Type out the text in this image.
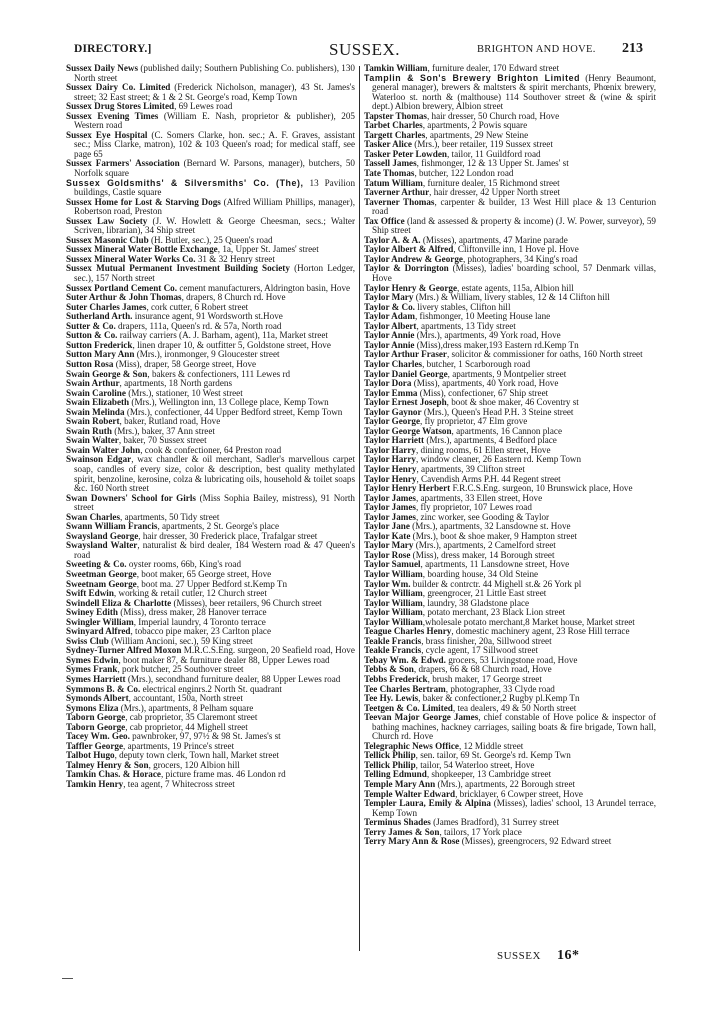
DIRECTORY.]	SUSSEX.	BRIGHTON AND HOVE. 213

Sussex Daily News (published daily; Southern Publishing Co. publishers), 130 North street

Sussex Dairy Co. Limited (Frederick Nicholson, manager), 43 St. James's street; 32 East street; & 1 & 2 St. George's road, Kemp Town

Sussex Drug Stores Limited, 69 Lewes road

Sussex Evening Times (William E. Nash, proprietor & publisher), 205 Western road

Sussex Eye Hospital (C. Somers Clarke, hon. sec.; A. F. Graves, assistant sec.; Miss Clarke, matron), 102 & 103 Queen's road; for medical staff, see page 65

Sussex Farmers' Association (Bernard W. Parsons, manager), butchers, 50 Norfolk square

Sussex Goldsmiths' & Silversmiths' Co. (The), 13 Pavilion buildings, Castle square

Sussex Home for Lost & Starving Dogs (Alfred William Phillips, manager), Robertson road, Preston

Sussex Law Society (J. W. Howlett & George Cheesman, secs.; Walter Scriven, librarian), 34 Ship street

Sussex Masonic Club (H. Butler, sec.), 25 Queen's road

Sussex Mineral Water Bottle Exchange, 1a, Upper St. James' street

Sussex Mineral Water Works Co. 31 & 32 Henry street

Sussex Mutual Permanent Investment Building Society (Horton Ledger, sec.), 157 North street

Sussex Portland Cement Co. cement manufacturers, Aldrington basin, Hove

Suter Arthur & John Thomas, drapers, 8 Church rd. Hove

Suter Charles James, cork cutter, 6 Robert street

Sutherland Arth. insurance agent, 91 Wordsworth st.Hove

Sutter & Co. drapers, 111a, Queen's rd. & 57a, North road

Sutton & Co. railway carriers (A. J. Barham, agent), 11a, Market street

Sutton Frederick, linen draper 10, & outfitter 5, Goldstone street, Hove

Sutton Mary Ann (Mrs.), ironmonger, 9 Gloucester street

Sutton Rosa (Miss), draper, 58 George street, Hove

Swain George & Son, bakers & confectioners, 111 Lewes rd

Swain Arthur, apartments, 18 North gardens

Swain Caroline (Mrs.), stationer, 10 West street

Swain Elizabeth (Mrs.), Wellington inn, 13 College place, Kemp Town

Swain Melinda (Mrs.), confectioner, 44 Upper Bedford street, Kemp Town

Swain Robert, baker, Rutland road, Hove

Swain Ruth (Mrs.), baker, 37 Ann street

Swain Walter, baker, 70 Sussex street

Swain Walter John, cook & confectioner, 64 Preston road

Swainson Edgar, wax chandler & oil merchant, Sadler's marvellous carpet soap, candles of every size, color & description, best quality methylated spirit, benzoline, kerosine, colza & lubricating oils, household & toilet soaps &c. 160 North street

Swan Downers' School for Girls (Miss Sophia Bailey, mistress), 91 North street

Swan Charles, apartments, 50 Tidy street

Swann William Francis, apartments, 2 St. George's place

Swaysland George, hair dresser, 30 Frederick place, Trafalgar street

Swaysland Walter, naturalist & bird dealer, 184 Western road & 47 Queen's road

Sweeting & Co. oyster rooms, 66b, King's road

Sweetman George, boot maker, 65 George street, Hove

Sweetnam George, boot ma. 27 Upper Bedford st.Kemp Tn

Swift Edwin, working & retail cutler, 12 Church street

Swindell Eliza & Charlotte (Misses), beer retailers, 96 Church street

Swiney Edith (Miss), dress maker, 28 Hanover terrace

Swingler William, Imperial laundry, 4 Toronto terrace

Swinyard Alfred, tobacco pipe maker, 23 Carlton place

Swiss Club (William Ancioni, sec.), 59 King street

Sydney-Turner Alfred Moxon M.R.C.S.Eng. surgeon, 20 Seafield road, Hove

Symes Edwin, boot maker 87, & furniture dealer 88, Upper Lewes road

Symes Frank, pork butcher, 25 Southover street

Symes Harriett (Mrs.), secondhand furniture dealer, 88 Upper Lewes road

Symmons B. & Co. electrical enginrs.2 North St. quadrant

Symonds Albert, accountant, 150a, North street

Symons Eliza (Mrs.), apartments, 8 Pelham square

Taborn George, cab proprietor, 35 Claremont street

Taborn George, cab proprietor, 44 Mighell street

Tacey Wm. Geo. pawnbroker, 97, 97½ & 98 St. James's st

Taffler George, apartments, 19 Prince's street

Talbot Hugo, deputy town clerk, Town hall, Market street

Talmey Henry & Son, grocers, 120 Albion hill

Tamkin Chas. & Horace, picture frame mas. 46 London rd

Tamkin Henry, tea agent, 7 Whitecross street

Tamkin William, furniture dealer, 170 Edward street

Tamplin & Son's Brewery Brighton Limited (Henry Beaumont, general manager), brewers & maltsters & spirit merchants, Phœnix brewery, Waterloo st. north & (malthouse) 114 Southover street & (wine & spirit dept.) Albion brewery, Albion street

Tapster Thomas, hair dresser, 50 Church road, Hove

Tarbet Charles, apartments, 2 Powis square

Targett Charles, apartments, 29 New Steine

Tasker Alice (Mrs.), beer retailer, 119 Sussex street

Tasker Peter Lowden, tailor, 11 Guildford road

Tassell James, fishmonger, 12 & 13 Upper St. James' st

Tate Thomas, butcher, 122 London road

Tatum William, furniture dealer, 15 Richmond street

Taverner Arthur, hair dresser, 42 Upper North street

Taverner Thomas, carpenter & builder, 13 West Hill place & 13 Centurion road

Tax Office (land & assessed & property & income) (J. W. Power, surveyor), 59 Ship street

Taylor A. & A. (Misses), apartments, 47 Marine parade

Taylor Albert & Alfred, Cliftonville inn, 1 Hove pl. Hove

Taylor Andrew & George, photographers, 34 King's road

Taylor & Dorrington (Misses), ladies' boarding school, 57 Denmark villas, Hove

Taylor Henry & George, estate agents, 115a, Albion hill

Taylor Mary (Mrs.) & William, livery stables, 12 & 14 Clifton hill

Taylor & Co. livery stables, Clifton hill

Taylor Adam, fishmonger, 10 Meeting House lane

Taylor Albert, apartments, 13 Tidy street

Taylor Annie (Mrs.), apartments, 49 York road, Hove

Taylor Annie (Miss),dress maker,193 Eastern rd.Kemp Tn

Taylor Arthur Fraser, solicitor & commissioner for oaths, 160 North street

Taylor Charles, butcher, 1 Scarborough road

Taylor Daniel George, apartments, 9 Montpelier street

Taylor Dora (Miss), apartments, 40 York road, Hove

Taylor Emma (Miss), confectioner, 67 Ship street

Taylor Ernest Joseph, boot & shoe maker, 46 Coventry st

Taylor Gaynor (Mrs.), Queen's Head P.H. 3 Steine street

Taylor George, fly proprietor, 47 Elm grove

Taylor George Watson, apartments, 16 Cannon place

Taylor Harriett (Mrs.), apartments, 4 Bedford place

Taylor Harry, dining rooms, 61 Ellen street, Hove

Taylor Harry, window cleaner, 26 Eastern rd. Kemp Town

Taylor Henry, apartments, 39 Clifton street

Taylor Henry, Cavendish Arms P.H. 44 Regent street

Taylor Henry Herbert F.R.C.S.Eng. surgeon, 10 Brunswick place, Hove

Taylor James, apartments, 33 Ellen street, Hove

Taylor James, fly proprietor, 107 Lewes road

Taylor James, zinc worker, see Gooding & Taylor

Taylor Jane (Mrs.), apartments, 32 Lansdowne st. Hove

Taylor Kate (Mrs.), boot & shoe maker, 9 Hampton street

Taylor Mary (Mrs.), apartments, 2 Camelford street

Taylor Rose (Miss), dress maker, 14 Borough street

Taylor Samuel, apartments, 11 Lansdowne street, Hove

Taylor William, boarding house, 34 Old Steine

Taylor Wm. builder & contrctr. 44 Mighell st.& 26 York pl

Taylor William, greengrocer, 21 Little East street

Taylor William, laundry, 38 Gladstone place

Taylor William, potato merchant, 23 Black Lion street

Taylor William,wholesale potato merchant,8 Market house, Market street

Teague Charles Henry, domestic machinery agent, 23 Rose Hill terrace

Teakle Francis, brass finisher, 20a, Sillwood street

Teakle Francis, cycle agent, 17 Sillwood street

Tebay Wm. & Edwd. grocers, 53 Livingstone road, Hove

Tebbs & Son, drapers, 66 & 68 Church road, Hove

Tebbs Frederick, brush maker, 17 George street

Tee Charles Bertram, photographer, 33 Clyde road

Tee Hy. Lewis, baker & confectioner,2 Rugby pl.Kemp Tn

Teetgen & Co. Limited, tea dealers, 49 & 50 North street

Teevan Major George James, chief constable of Hove police & inspector of bathing machines, hackney carriages, sailing boats & fire brigade, Town hall, Church rd. Hove

Telegraphic News Office, 12 Middle street

Tellick Philip, sen. tailor, 69 St. George's rd. Kemp Twn

Tellick Philip, tailor, 54 Waterloo street, Hove

Telling Edmund, shopkeeper, 13 Cambridge street

Temple Mary Ann (Mrs.), apartments, 22 Borough street

Temple Walter Edward, bricklayer, 6 Cowper street, Hove

Templer Laura, Emily & Alpina (Misses), ladies' school, 13 Arundel terrace, Kemp Town

Terminus Shades (James Bradford), 31 Surrey street

Terry James & Son, tailors, 17 York place

Terry Mary Ann & Rose (Misses), greengrocers, 92 Edward street

SUSSEX 16*
